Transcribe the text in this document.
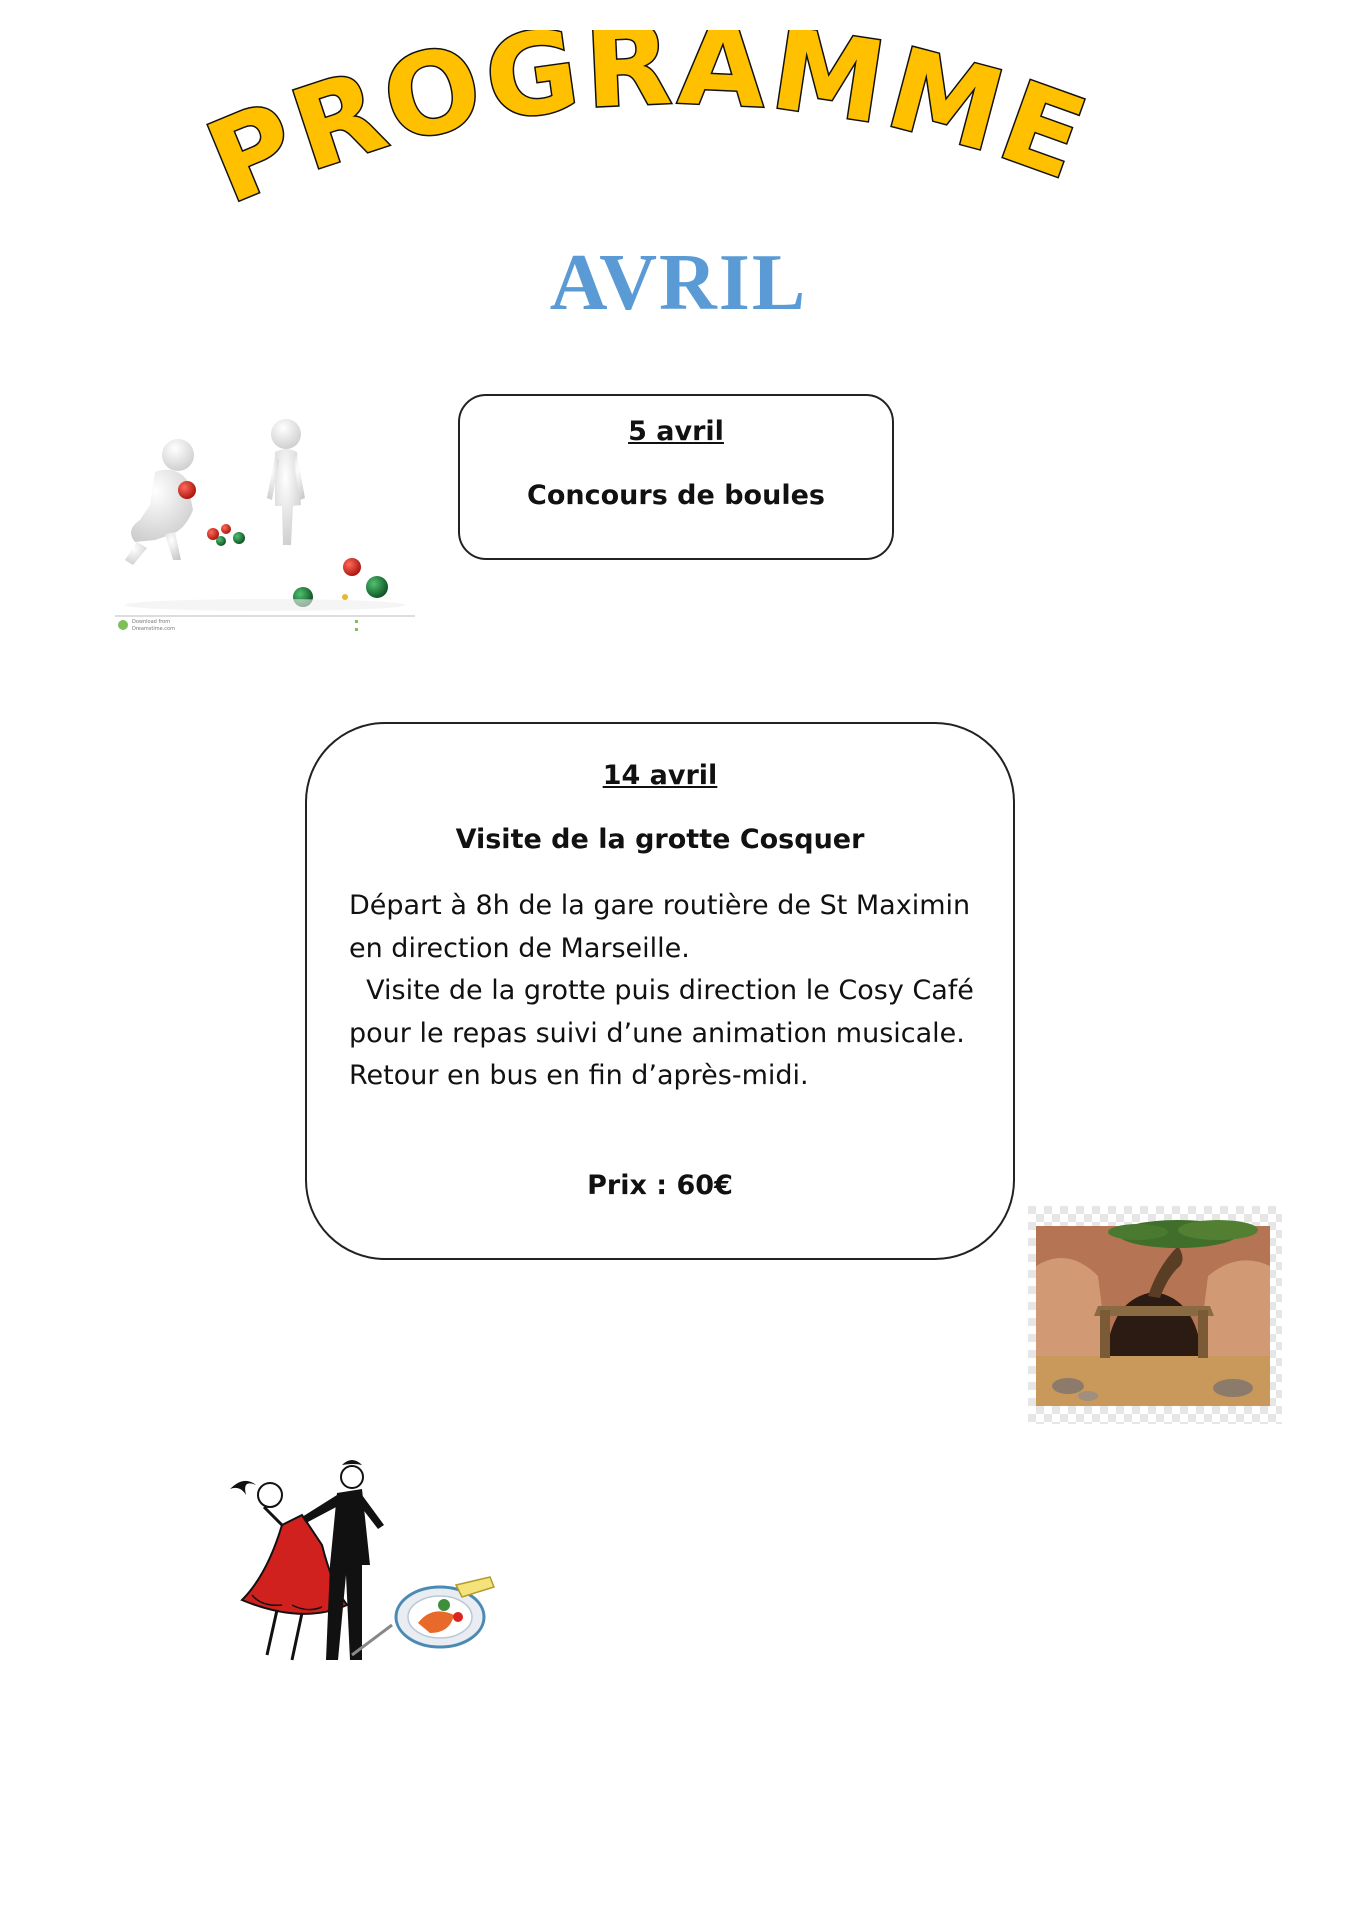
PROGRAMME
AVRIL
5 avril
Concours de boules
14 avril
Visite de la grotte Cosquer

Départ à 8h de la gare routière de St Maximin

en direction de Marseille.

Visite de la grotte puis direction le Cosy Café

pour le repas suivi d’une animation musicale.

Retour en bus en fin d’après-midi.

Prix : 60€
Download from
Dreamstime.com
